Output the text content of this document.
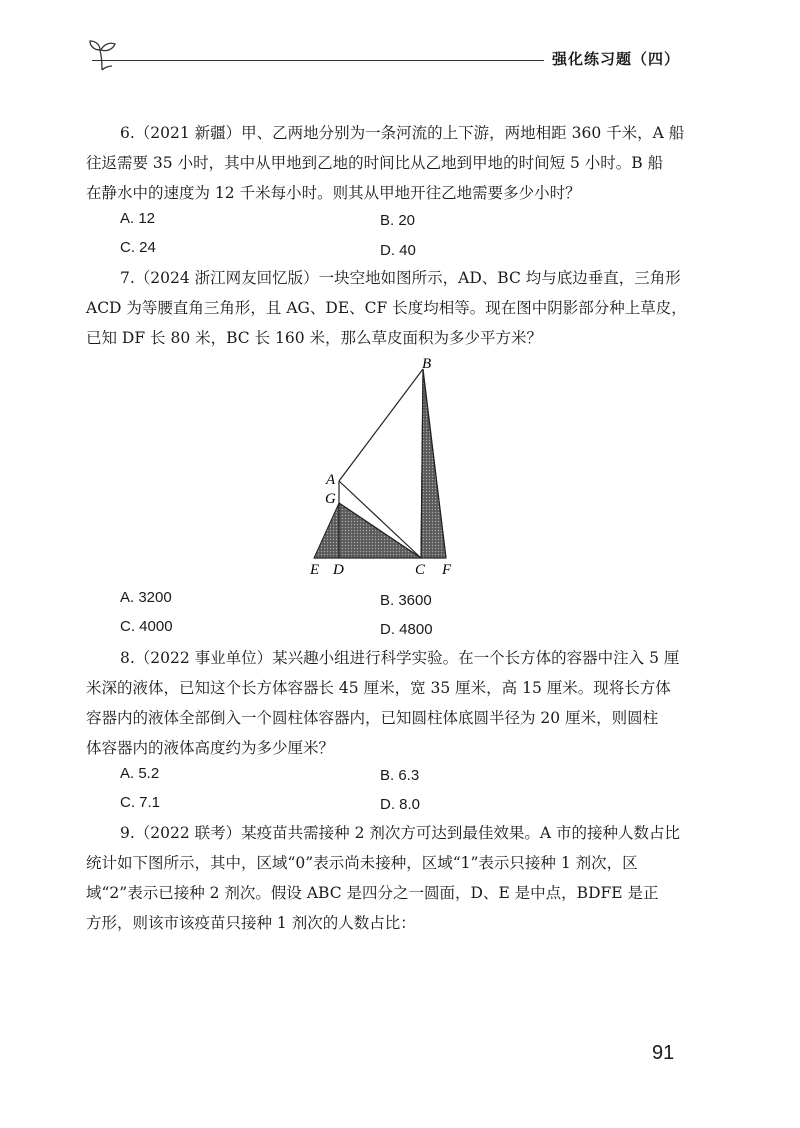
强化练习题（四）
6.（2021 新疆）甲、乙两地分别为一条河流的上下游，两地相距 360 千米，A 船
往返需要 35 小时，其中从甲地到乙地的时间比从乙地到甲地的时间短 5 小时。B 船
在静水中的速度为 12 千米每小时。则其从甲地开往乙地需要多少小时？
A. 12	B. 20
C. 24	D. 40
7.（2024 浙江网友回忆版）一块空地如图所示，AD、BC 均与底边垂直，三角形
ACD 为等腰直角三角形，且 AG、DE、CF 长度均相等。现在图中阴影部分种上草皮，
已知 DF 长 80 米，BC 长 160 米，那么草皮面积为多少平方米？
B
A
G
E D	C F
A. 3200	B. 3600
C. 4000	D. 4800
8.（2022 事业单位）某兴趣小组进行科学实验。在一个长方体的容器中注入 5 厘
米深的液体，已知这个长方体容器长 45 厘米，宽 35 厘米，高 15 厘米。现将长方体
容器内的液体全部倒入一个圆柱体容器内，已知圆柱体底圆半径为 20 厘米，则圆柱
体容器内的液体高度约为多少厘米？
A. 5.2	B. 6.3
C. 7.1	D. 8.0
9.（2022 联考）某疫苗共需接种 2 剂次方可达到最佳效果。A 市的接种人数占比
统计如下图所示，其中，区域“0”表示尚未接种，区域“1”表示只接种 1 剂次，区
域“2”表示已接种 2 剂次。假设 ABC 是四分之一圆面，D、E 是中点，BDFE 是正
方形，则该市该疫苗只接种 1 剂次的人数占比：
91
